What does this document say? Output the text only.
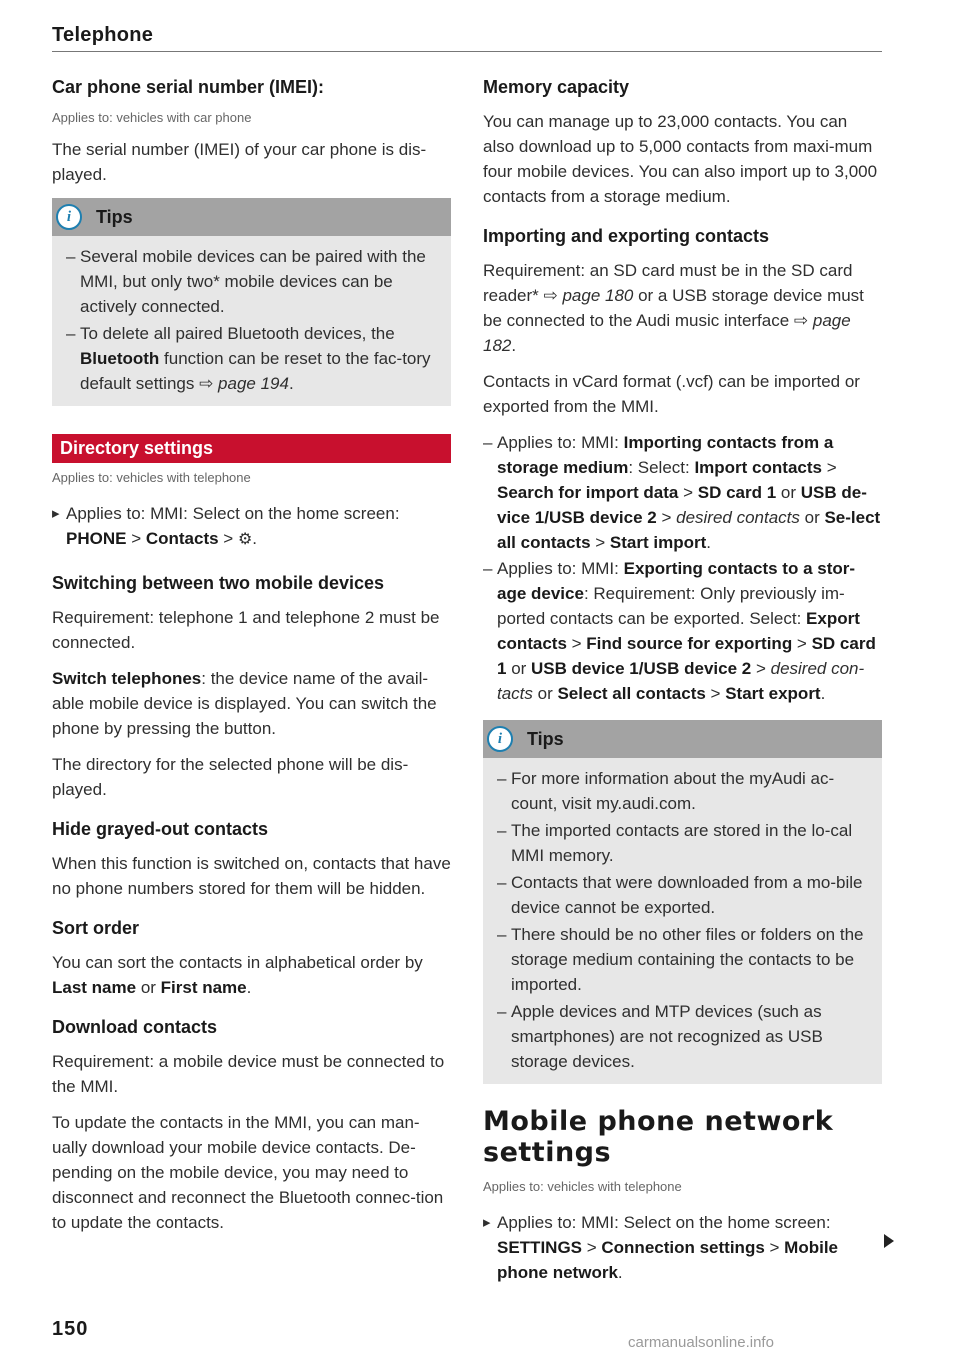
Telephone
Car phone serial number (IMEI):
Applies to: vehicles with car phone

The serial number (IMEI) of your car phone is dis-played.

i	Tips
– Several mobile devices can be paired with the MMI, but only two* mobile devices can be actively connected.
– To delete all paired Bluetooth devices, the Bluetooth function can be reset to the fac-tory default settings ⇨ page 194.
Directory settings
Applies to: vehicles with telephone
▸ Applies to: MMI: Select on the home screen: PHONE > Contacts > ⚙.
Switching between two mobile devices

Requirement: telephone 1 and telephone 2 must be connected.

Switch telephones: the device name of the avail-able mobile device is displayed. You can switch the phone by pressing the button.

The directory for the selected phone will be dis-played.

Hide grayed-out contacts

When this function is switched on, contacts that have no phone numbers stored for them will be hidden.

Sort order

You can sort the contacts in alphabetical order by Last name or First name.

Download contacts

Requirement: a mobile device must be connected to the MMI.

To update the contacts in the MMI, you can man-ually download your mobile device contacts. De-pending on the mobile device, you may need to disconnect and reconnect the Bluetooth connec-tion to update the contacts.

Memory capacity

You can manage up to 23,000 contacts. You can also download up to 5,000 contacts from maxi-mum four mobile devices. You can also import up to 3,000 contacts from a storage medium.

Importing and exporting contacts

Requirement: an SD card must be in the SD card reader* ⇨ page 180 or a USB storage device must be connected to the Audi music interface ⇨ page 182.

Contacts in vCard format (.vcf) can be imported or exported from the MMI.

– Applies to: MMI: Importing contacts from a storage medium: Select: Import contacts > Search for import data > SD card 1 or USB de-vice 1/USB device 2 > desired contacts or Se-lect all contacts > Start import.
– Applies to: MMI: Exporting contacts to a stor-age device: Requirement: Only previously im-ported contacts can be exported. Select: Export contacts > Find source for exporting > SD card 1 or USB device 1/USB device 2 > desired con-tacts or Select all contacts > Start export.
i	Tips
– For more information about the myAudi ac-count, visit my.audi.com.
– The imported contacts are stored in the lo-cal MMI memory.
– Contacts that were downloaded from a mo-bile device cannot be exported.
– There should be no other files or folders on the storage medium containing the contacts to be imported.
– Apple devices and MTP devices (such as smartphones) are not recognized as USB storage devices.
Mobile phone network settings
Applies to: vehicles with telephone
▸ Applies to: MMI: Select on the home screen: SETTINGS > Connection settings > Mobile phone network.
150
carmanualsonline.info
